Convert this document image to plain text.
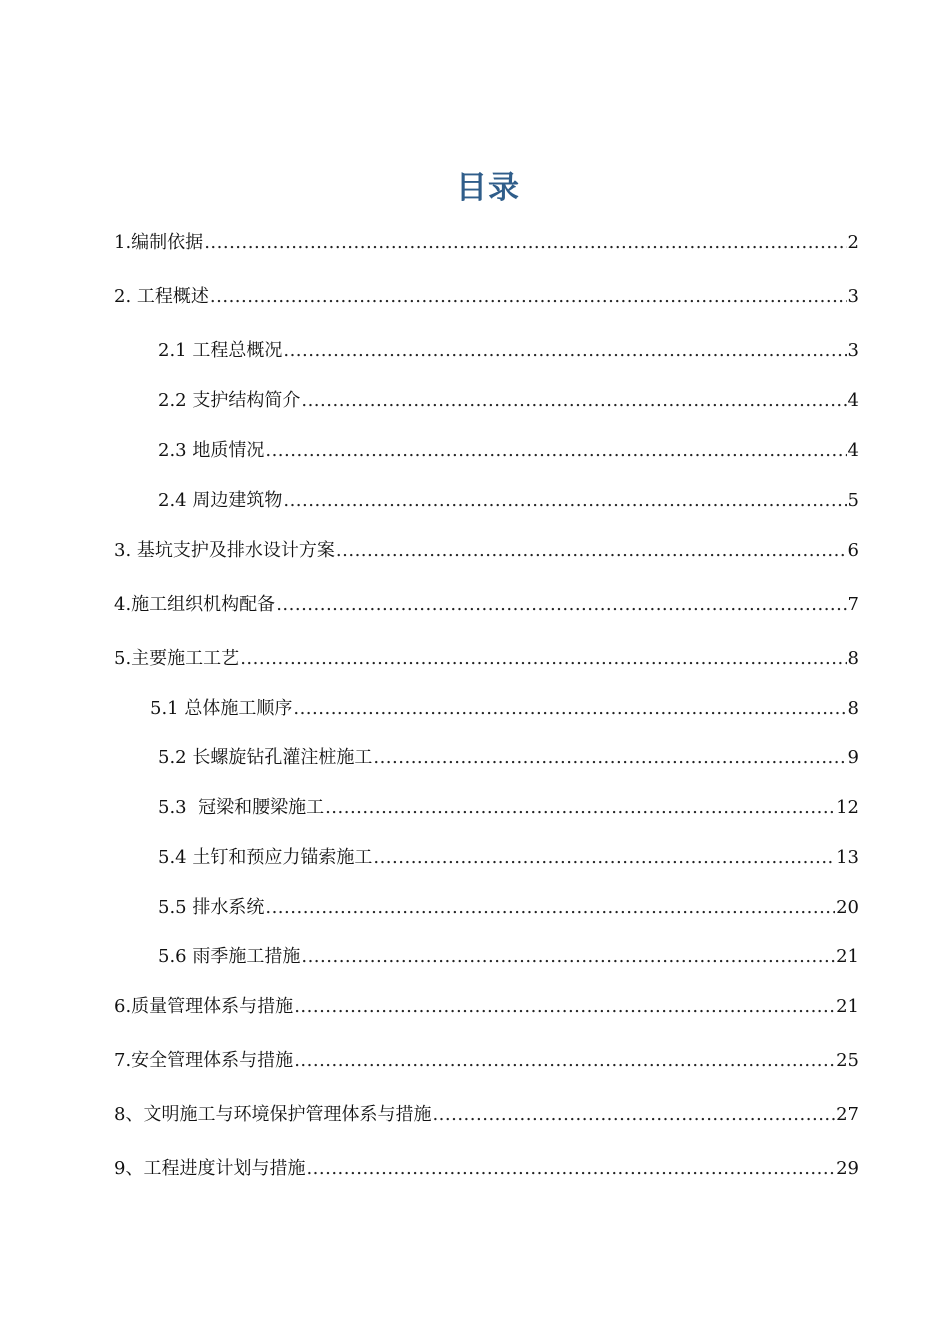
目录
1.编制依据 .....	2
2. 工程概述 .....	3
2.1 工程总概况 .....	3
2.2 支护结构简介 .....	4
2.3 地质情况 .....	4
2.4 周边建筑物 .....	5
3. 基坑支护及排水设计方案 .....	6
4.施工组织机构配备 .....	7
5.主要施工工艺 .....	8
5.1 总体施工顺序 .....	8
5.2 长螺旋钻孔灌注桩施工 .....	9
5.3  冠梁和腰梁施工 .....	12
5.4 土钉和预应力锚索施工 .....	13
5.5 排水系统 .....	20
5.6 雨季施工措施 .....	21
6.质量管理体系与措施 .....	21
7.安全管理体系与措施 .....	25
8、文明施工与环境保护管理体系与措施 .....	27
9、工程进度计划与措施 .....	29
